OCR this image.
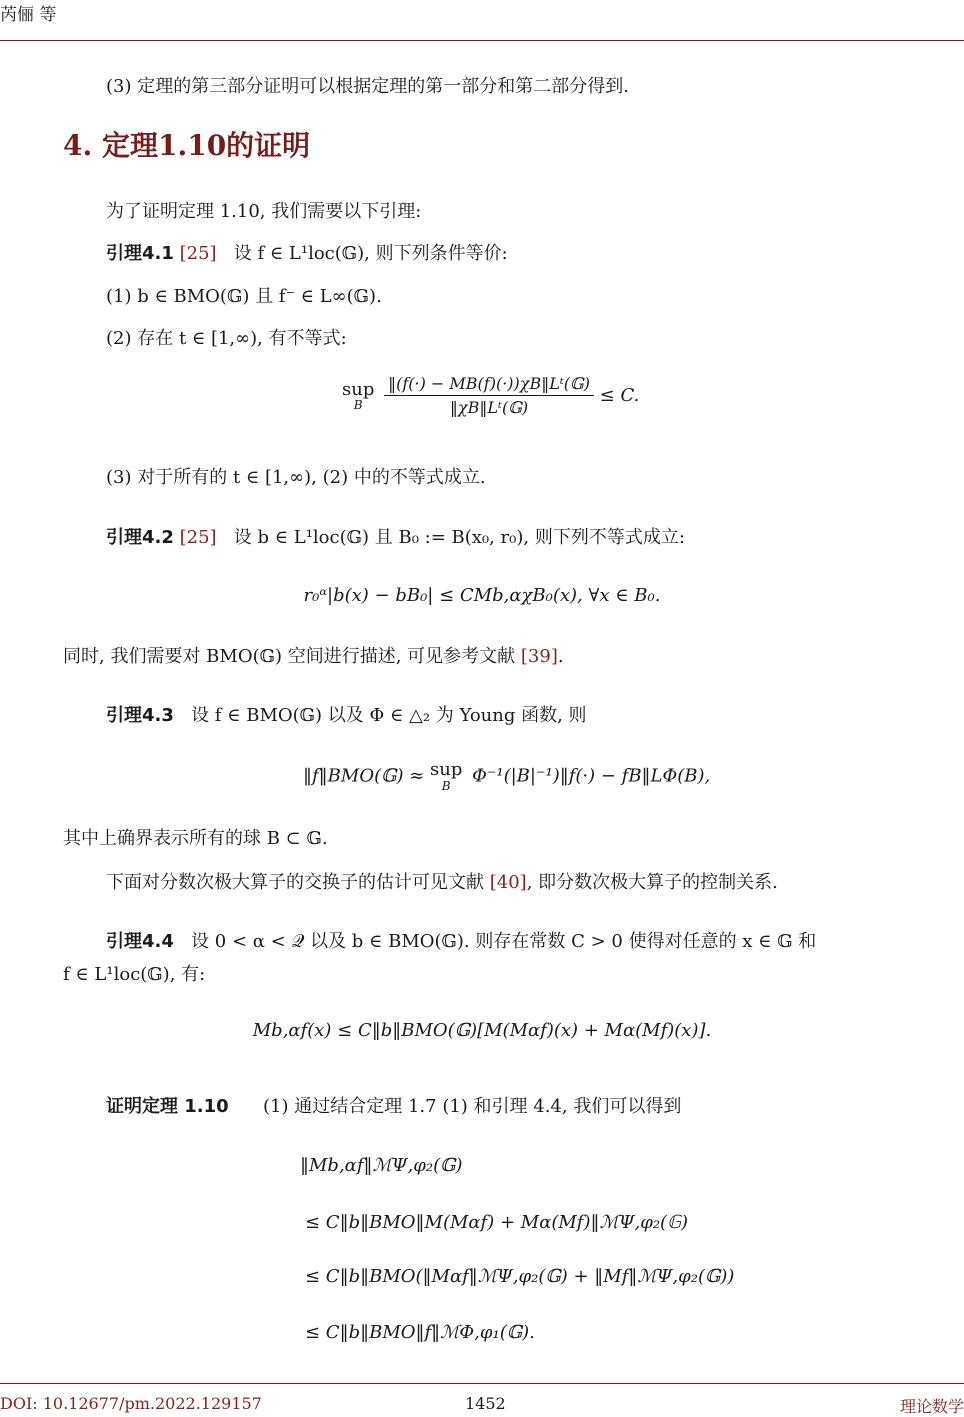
芮俪 等
(3) 定理的第三部分证明可以根据定理的第一部分和第二部分得到.
4. 定理1.10的证明
为了证明定理 1.10, 我们需要以下引理:
引理4.1 [25] 设 f ∈ L¹loc(𝔾), 则下列条件等价:
(1) b ∈ BMO(𝔾) 且 f⁻ ∈ L∞(𝔾).
(2) 存在 t ∈ [1,∞), 有不等式:
sup
B
	$\frac{\text{‖(f(·) − MB(f)(·))χB‖Lᵗ(𝔾)}}{\text{‖χB‖Lᵗ(𝔾)}} \le C$.
(3) 对于所有的 t ∈ [1,∞), (2) 中的不等式成立.
引理4.2 [25] 设 b ∈ L¹loc(𝔾) 且 B₀ := B(x₀, r₀), 则下列不等式成立:
r₀ᵅ|b(x) − bB₀| ≤ CMb,αχB₀(x), ∀x ∈ B₀.
同时, 我们需要对 BMO(𝔾) 空间进行描述, 可见参考文献 [39].
引理4.3 设 f ∈ BMO(𝔾) 以及 Φ ∈ △₂ 为 Young 函数, 则
‖f‖BMO(𝔾) ≈ sup
B	Φ⁻¹(|B|⁻¹)‖f(·) − fB‖LΦ(B),
其中上确界表示所有的球 B ⊂ 𝔾.
下面对分数次极大算子的交换子的估计可见文献 [40], 即分数次极大算子的控制关系.
引理4.4 设 0 < α < 𝒬 以及 b ∈ BMO(𝔾). 则存在常数 C > 0 使得对任意的 x ∈ 𝔾 和
f ∈ L¹loc(𝔾), 有:
Mb,αf(x) ≤ C‖b‖BMO(𝔾)[M(Mαf)(x) + Mα(Mf)(x)].
证明定理 1.10 (1) 通过结合定理 1.7 (1) 和引理 4.4, 我们可以得到
‖Mb,αf‖ℳΨ,φ₂(𝔾)
≤ C‖b‖BMO‖M(Mαf) + Mα(Mf)‖ℳΨ,φ₂(𝔾)
≤ C‖b‖BMO(‖Mαf‖ℳΨ,φ₂(𝔾) + ‖Mf‖ℳΨ,φ₂(𝔾))
≤ C‖b‖BMO‖f‖ℳΦ,φ₁(𝔾).
DOI: 10.12677/pm.2022.129157	1452	理论数学
